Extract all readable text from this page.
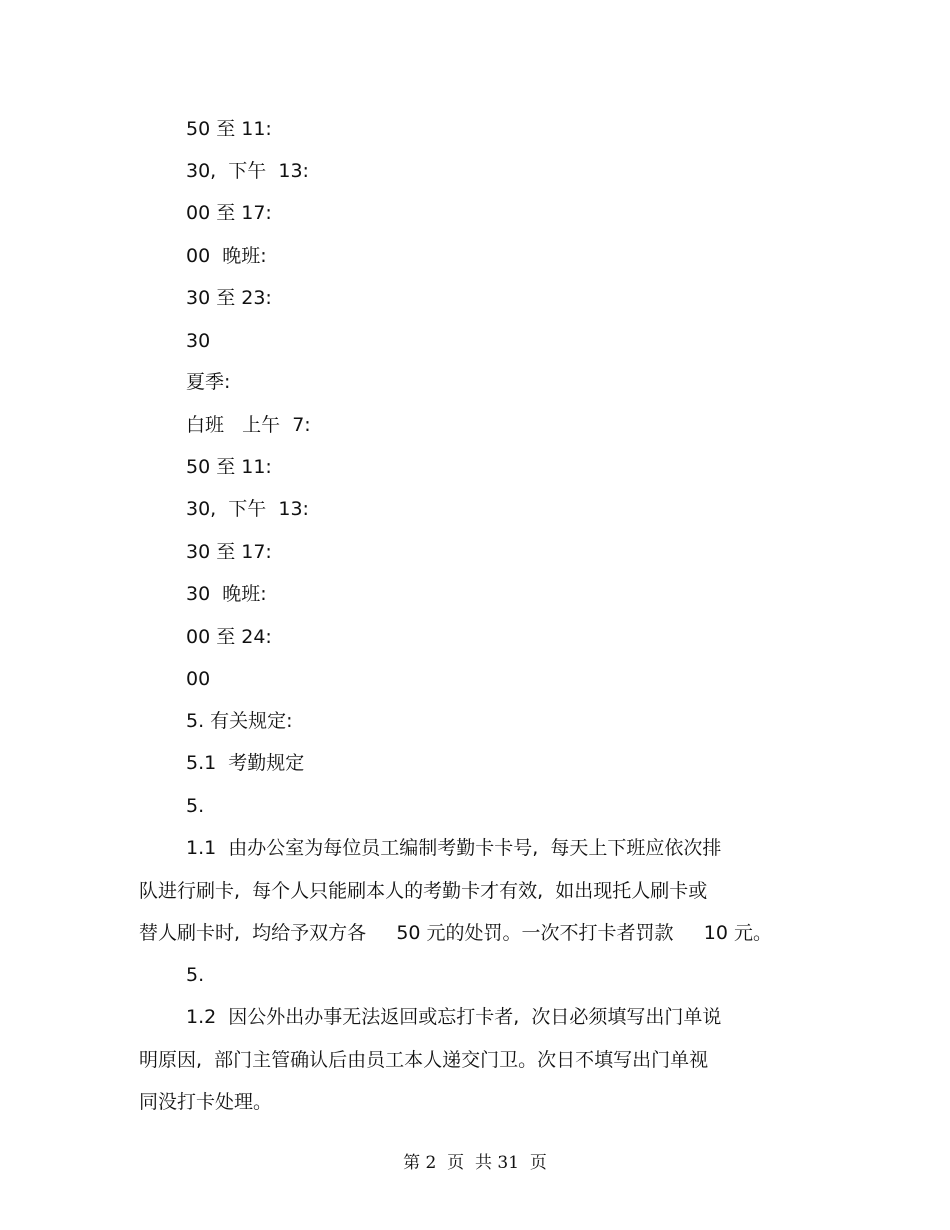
50 至 11:
30,  下午  13:
00 至 17:
00  晚班:
30 至 23:
30
夏季:
白班   上午  7:
50 至 11:
30,  下午  13:
30 至 17:
30  晚班:
00 至 24:
00
5. 有关规定:
5.1  考勤规定
5.
1.1  由办公室为每位员工编制考勤卡卡号,  每天上下班应依次排
队进行刷卡,  每个人只能刷本人的考勤卡才有效,  如出现托人刷卡或
替人刷卡时,  均给予双方各     50 元的处罚。一次不打卡者罚款     10 元。
5.
1.2  因公外出办事无法返回或忘打卡者,  次日必须填写出门单说
明原因,  部门主管确认后由员工本人递交门卫。次日不填写出门单视
同没打卡处理。
第 2  页  共 31  页
